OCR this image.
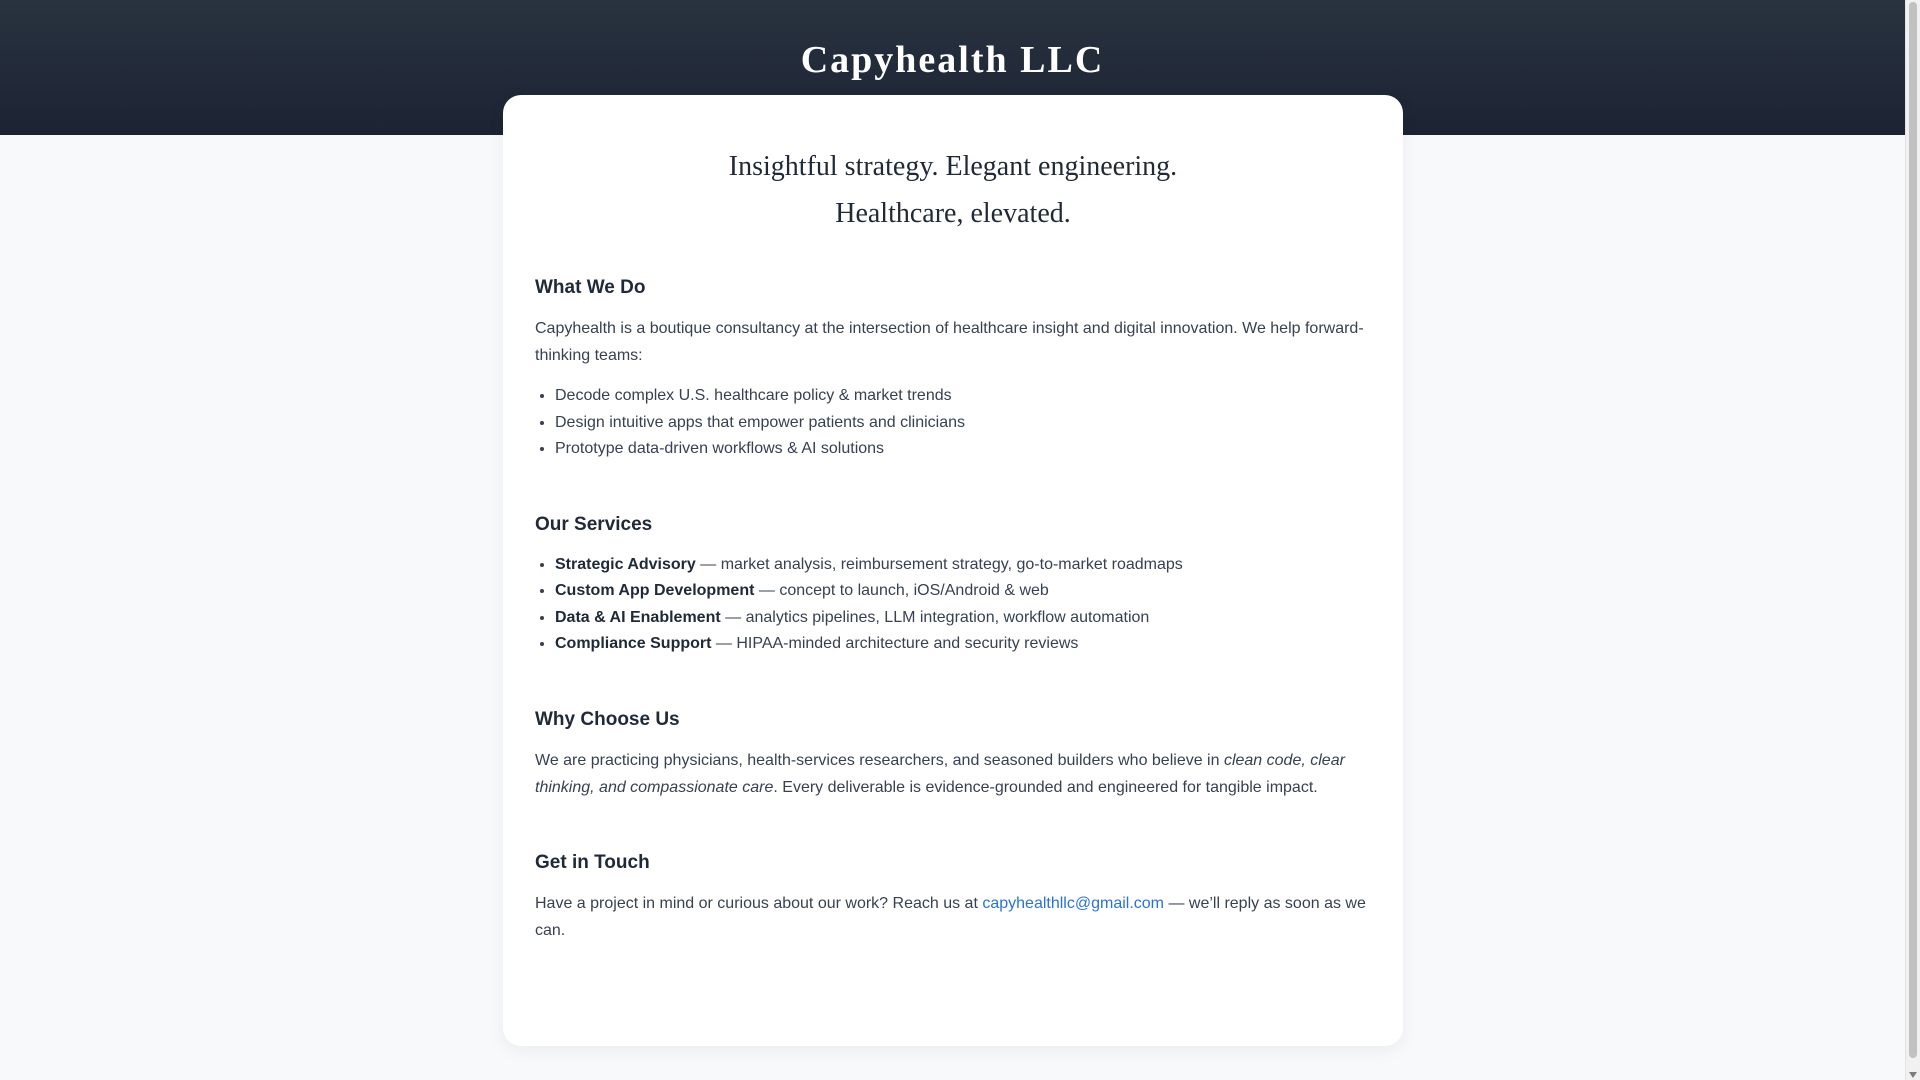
Capyhealth LLC
Insightful strategy. Elegant engineering.
Healthcare, elevated.
What We Do

Capyhealth is a boutique consultancy at the intersection of healthcare insight and digital innovation. We help forward-thinking teams:

• Decode complex U.S. healthcare policy & market trends
• Design intuitive apps that empower patients and clinicians
• Prototype data-driven workflows & AI solutions
Our Services
• Strategic Advisory — market analysis, reimbursement strategy, go-to-market roadmaps
• Custom App Development — concept to launch, iOS/Android & web
• Data & AI Enablement — analytics pipelines, LLM integration, workflow automation
• Compliance Support — HIPAA-minded architecture and security reviews
Why Choose Us

We are practicing physicians, health-services researchers, and seasoned builders who believe in clean code, clear thinking, and compassionate care. Every deliverable is evidence-grounded and engineered for tangible impact.

Get in Touch

Have a project in mind or curious about our work? Reach us at capyhealthllc@gmail.com — we’ll reply as soon as we can.
